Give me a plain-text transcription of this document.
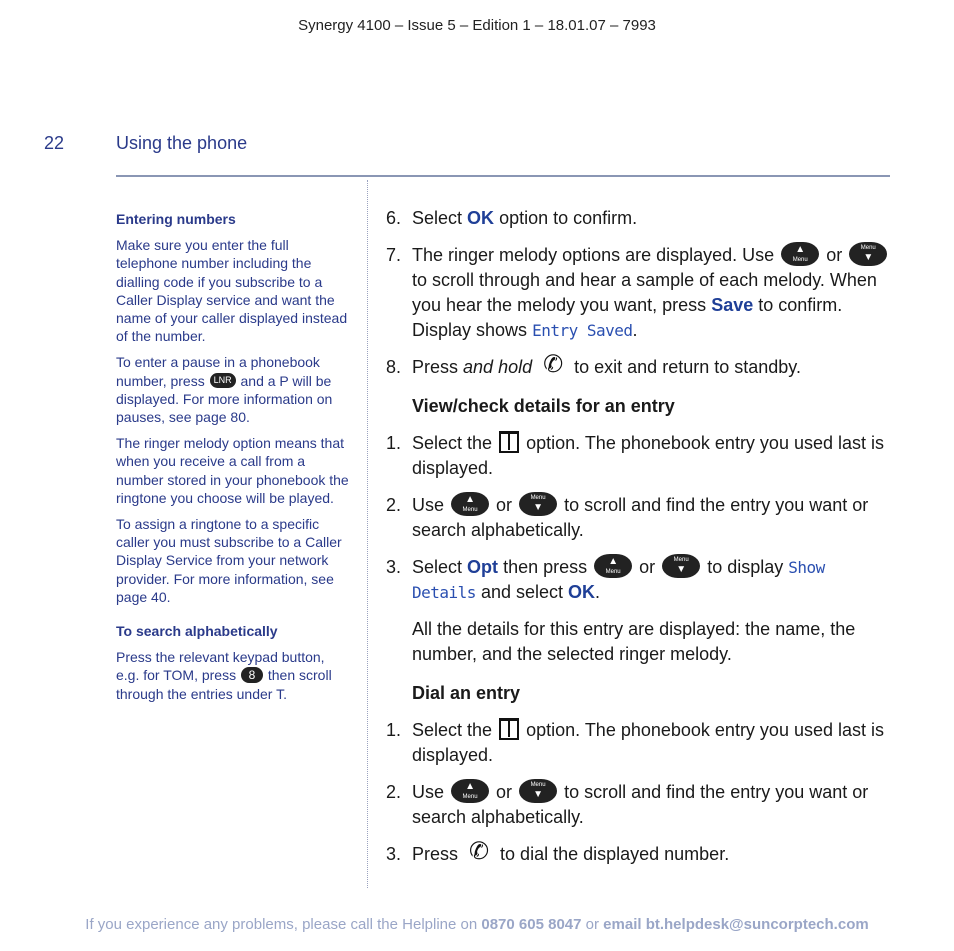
Synergy 4100 – Issue 5 – Edition 1 – 18.01.07 – 7993
22	Using the phone
Entering numbers
Make sure you enter the full telephone number including the dialling code if you subscribe to a Caller Display service and want the name of your caller displayed instead of the number.
To enter a pause in a phonebook number, press LNR and a P will be displayed. For more information on pauses, see page 80.
The ringer melody option means that when you receive a call from a number stored in your phonebook the ringtone you choose will be played.
To assign a ringtone to a specific caller you must subscribe to a Caller Display Service from your network provider. For more information, see page 40.
To search alphabetically
Press the relevant keypad button, e.g. for TOM, press 8 then scroll through the entries under T.
6. Select OK option to confirm.
7. The ringer melody options are displayed. Use	▲
Menu	or	Menu
▼
to scroll through and hear a sample of each melody. When you hear the melody you want, press Save to confirm. Display shows Entry Saved.
8. Press and hold ✆ to exit and return to standby.
View/check details for an entry
1. Select the option. The phonebook entry you used last is displayed.
2. Use	▲
Menu	or	Menu
▼	to scroll and find the entry you want or search alphabetically.
3. Select Opt then press	▲
Menu	or	Menu
▼	to display Show Details and select OK.
All the details for this entry are displayed: the name, the number, and the selected ringer melody.
Dial an entry
1. Select the option. The phonebook entry you used last is displayed.
2. Use	▲
Menu	or	Menu
▼	to scroll and find the entry you want or search alphabetically.
3. Press ✆ to dial the displayed number.
If you experience any problems, please call the Helpline on 0870 605 8047 or email bt.helpdesk@suncorptech.com
